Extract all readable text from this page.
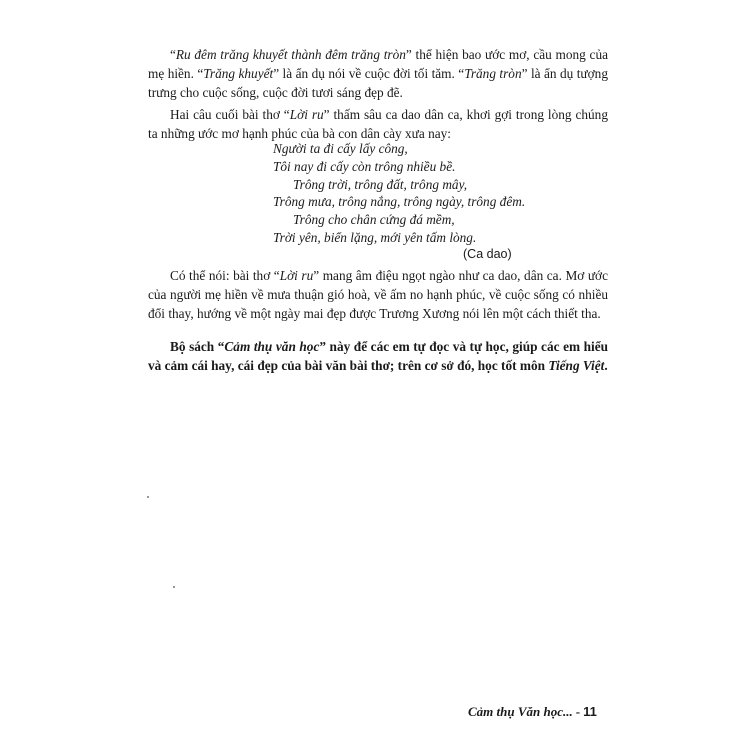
“Ru đêm trăng khuyết thành đêm trăng tròn” thể hiện bao ước mơ, cầu mong của mẹ hiền. “Trăng khuyết” là ẩn dụ nói về cuộc đời tối tăm. “Trăng tròn” là ẩn dụ tượng trưng cho cuộc sống, cuộc đời tươi sáng đẹp đẽ.

Hai câu cuối bài thơ “Lời ru” thấm sâu ca dao dân ca, khơi gợi trong lòng chúng ta những ước mơ hạnh phúc của bà con dân cày xưa nay:

Người ta đi cấy lấy công,
Tôi nay đi cấy còn trông nhiều bề.
Trông trời, trông đất, trông mây,
Trông mưa, trông nắng, trông ngày, trông đêm.
Trông cho chân cứng đá mềm,
Trời yên, biển lặng, mới yên tấm lòng.
(Ca dao)

Có thể nói: bài thơ “Lời ru” mang âm điệu ngọt ngào như ca dao, dân ca. Mơ ước của người mẹ hiền về mưa thuận gió hoà, về ấm no hạnh phúc, về cuộc sống có nhiều đổi thay, hướng về một ngày mai đẹp được Trương Xương nói lên một cách thiết tha.

Bộ sách “Cảm thụ văn học” này để các em tự đọc và tự học, giúp các em hiểu và cảm cái hay, cái đẹp của bài văn bài thơ; trên cơ sở đó, học tốt môn Tiếng Việt.

Cảm thụ Văn học... - 11
